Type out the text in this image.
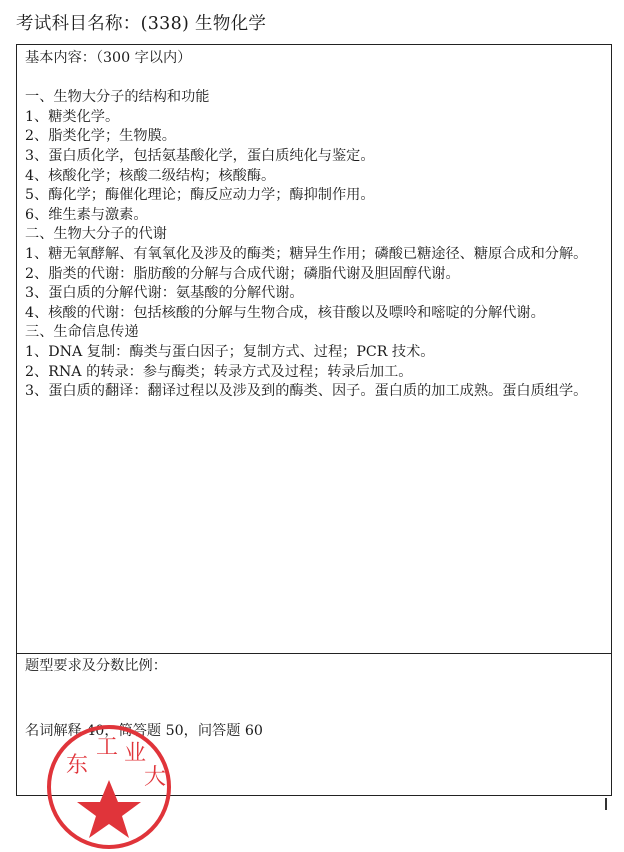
考试科目名称：(338) 生物化学
基本内容：（300 字以内）
一、生物大分子的结构和功能
1、糖类化学。
2、脂类化学；生物膜。
3、蛋白质化学，包括氨基酸化学，蛋白质纯化与鉴定。
4、核酸化学；核酸二级结构；核酸酶。
5、酶化学；酶催化理论；酶反应动力学；酶抑制作用。
6、维生素与激素。
二、生物大分子的代谢
1、糖无氧酵解、有氧氧化及涉及的酶类；糖异生作用；磷酸已糖途径、糖原合成和分解。
2、脂类的代谢：脂肪酸的分解与合成代谢；磷脂代谢及胆固醇代谢。
3、蛋白质的分解代谢：氨基酸的分解代谢。
4、核酸的代谢：包括核酸的分解与生物合成，核苷酸以及嘌呤和嘧啶的分解代谢。
三、生命信息传递
1、DNA 复制：酶类与蛋白因子；复制方式、过程；PCR 技术。
2、RNA 的转录：参与酶类；转录方式及过程；转录后加工。
3、蛋白质的翻译：翻译过程以及涉及到的酶类、因子。蛋白质的加工成熟。蛋白质组学。
题型要求及分数比例：
名词解释 40，简答题 50，问答题 60
东
工 业
大
